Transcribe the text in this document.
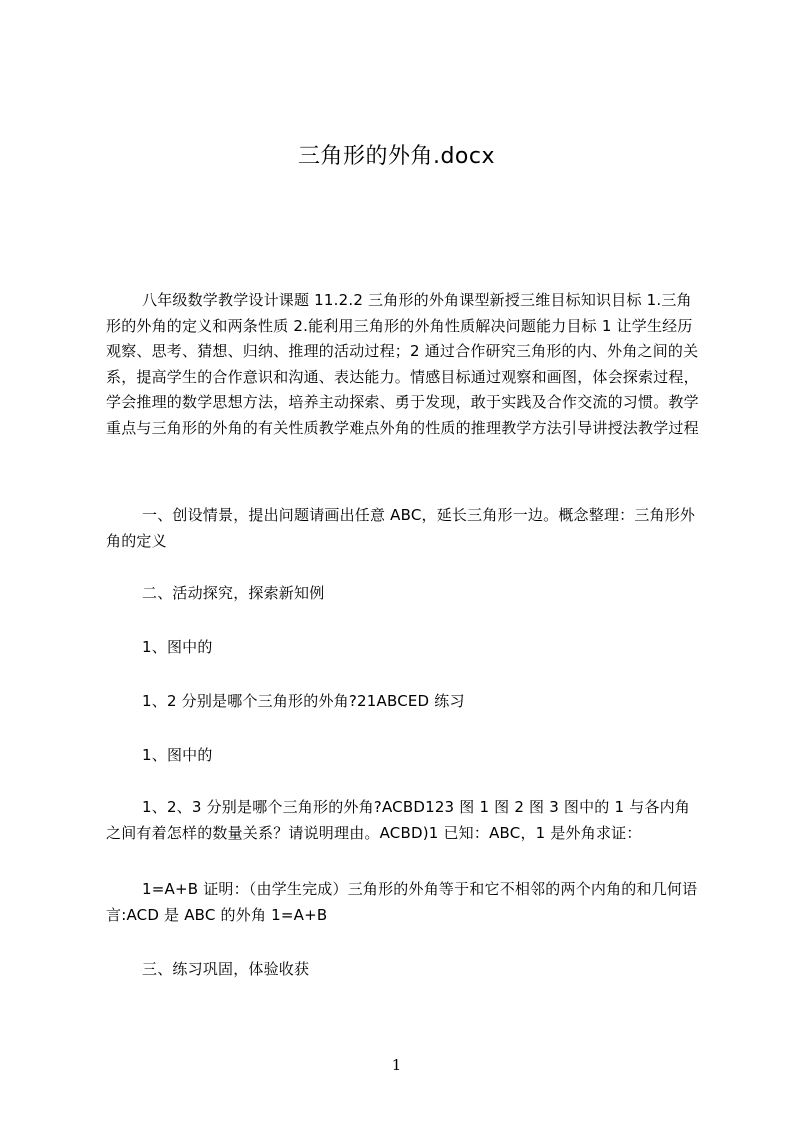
三角形的外角.docx

八年级数学教学设计课题 11.2.2 三角形的外角课型新授三维目标知识目标 1.三角形的外角的定义和两条性质 2.能利用三角形的外角性质解决问题能力目标 1 让学生经历观察、思考、猜想、归纳、推理的活动过程；2 通过合作研究三角形的内、外角之间的关系，提高学生的合作意识和沟通、表达能力。情感目标通过观察和画图，体会探索过程，学会推理的数学思想方法，培养主动探索、勇于发现，敢于实践及合作交流的习惯。教学重点与三角形的外角的有关性质教学难点外角的性质的推理教学方法引导讲授法教学过程

一、创设情景，提出问题请画出任意 ABC，延长三角形一边。概念整理：三角形外角的定义

二、活动探究，探索新知例

1、图中的

1、2 分别是哪个三角形的外角?21ABCED 练习

1、图中的

1、2、3 分别是哪个三角形的外角?ACBD123 图 1 图 2 图 3 图中的 1 与各内角之间有着怎样的数量关系？请说明理由。ACBD)1 已知：ABC，1 是外角求证：

1=A+B 证明：（由学生完成）三角形的外角等于和它不相邻的两个内角的和几何语言:ACD 是 ABC 的外角 1=A+B

三、练习巩固，体验收获

1
